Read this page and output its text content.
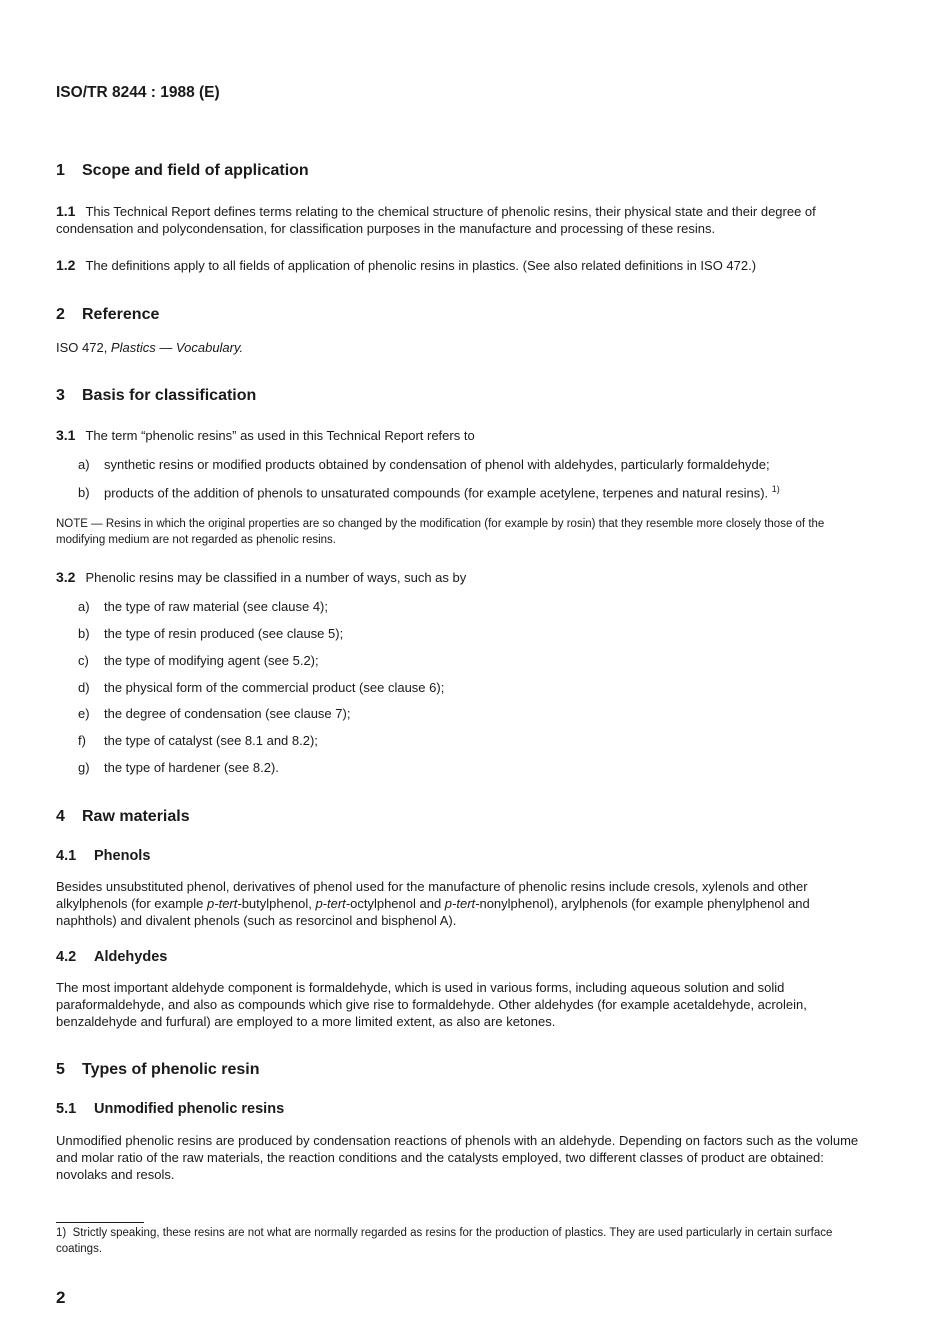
ISO/TR 8244 : 1988 (E)
1 Scope and field of application
1.1 This Technical Report defines terms relating to the chemical structure of phenolic resins, their physical state and their degree of condensation and polycondensation, for classification purposes in the manufacture and processing of these resins.
1.2 The definitions apply to all fields of application of phenolic resins in plastics. (See also related definitions in ISO 472.)
2 Reference
ISO 472, Plastics — Vocabulary.
3 Basis for classification
3.1 The term “phenolic resins” as used in this Technical Report refers to
a) synthetic resins or modified products obtained by condensation of phenol with aldehydes, particularly formaldehyde;
b) products of the addition of phenols to unsaturated compounds (for example acetylene, terpenes and natural resins). $^{1)}$
NOTE — Resins in which the original properties are so changed by the modification (for example by rosin) that they resemble more closely those of the modifying medium are not regarded as phenolic resins.
3.2 Phenolic resins may be classified in a number of ways, such as by
a) the type of raw material (see clause 4);
b) the type of resin produced (see clause 5);
c) the type of modifying agent (see 5.2);
d) the physical form of the commercial product (see clause 6);
e) the degree of condensation (see clause 7);
f) the type of catalyst (see 8.1 and 8.2);
g) the type of hardener (see 8.2).
4 Raw materials
4.1 Phenols
Besides unsubstituted phenol, derivatives of phenol used for the manufacture of phenolic resins include cresols, xylenols and other alkylphenols (for example p-tert-butylphenol, p-tert-octylphenol and p-tert-nonylphenol), arylphenols (for example phenylphenol and naphthols) and divalent phenols (such as resorcinol and bisphenol A).
4.2 Aldehydes
The most important aldehyde component is formaldehyde, which is used in various forms, including aqueous solution and solid paraformaldehyde, and also as compounds which give rise to formaldehyde. Other aldehydes (for example acetaldehyde, acrolein, benzaldehyde and furfural) are employed to a more limited extent, as also are ketones.
5 Types of phenolic resin
5.1 Unmodified phenolic resins
Unmodified phenolic resins are produced by condensation reactions of phenols with an aldehyde. Depending on factors such as the volume and molar ratio of the raw materials, the reaction conditions and the catalysts employed, two different classes of product are obtained: novolaks and resols.
1) Strictly speaking, these resins are not what are normally regarded as resins for the production of plastics. They are used particularly in certain surface coatings.
2
